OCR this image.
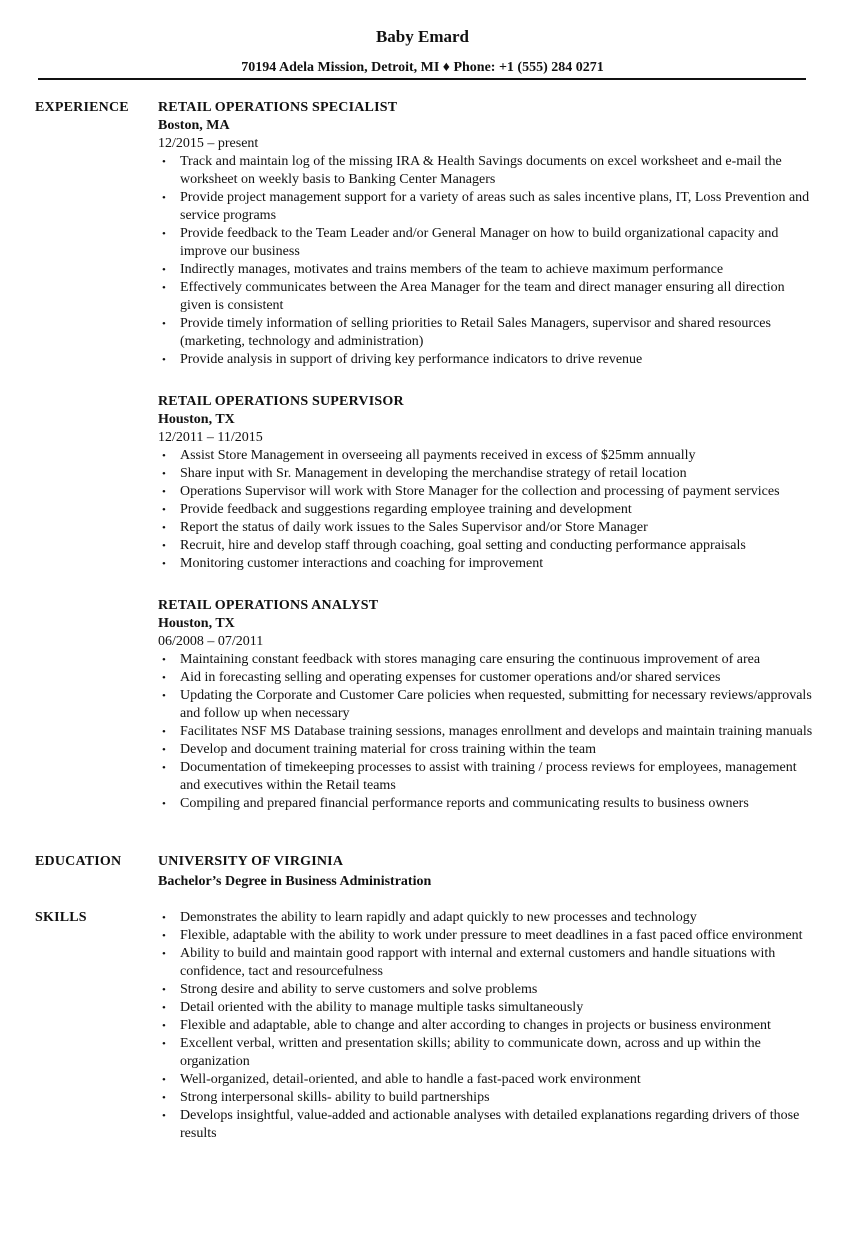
Baby Emard
70194 Adela Mission, Detroit, MI ♦ Phone: +1 (555) 284 0271
EXPERIENCE RETAIL OPERATIONS SPECIALIST
Boston, MA
12/2015 – present
•	Track and maintain log of the missing IRA & Health Savings documents on excel worksheet and e-mail the worksheet on weekly basis to Banking Center Managers
•	Provide project management support for a variety of areas such as sales incentive plans, IT, Loss Prevention and service programs
•	Provide feedback to the Team Leader and/or General Manager on how to build organizational capacity and improve our business
•	Indirectly manages, motivates and trains members of the team to achieve maximum performance
•	Effectively communicates between the Area Manager for the team and direct manager ensuring all direction given is consistent
•	Provide timely information of selling priorities to Retail Sales Managers, supervisor and shared resources (marketing, technology and administration)
•	Provide analysis in support of driving key performance indicators to drive revenue
RETAIL OPERATIONS SUPERVISOR
Houston, TX
12/2011 – 11/2015
•	Assist Store Management in overseeing all payments received in excess of $25mm annually
•	Share input with Sr. Management in developing the merchandise strategy of retail location
•	Operations Supervisor will work with Store Manager for the collection and processing of payment services
•	Provide feedback and suggestions regarding employee training and development
•	Report the status of daily work issues to the Sales Supervisor and/or Store Manager
•	Recruit, hire and develop staff through coaching, goal setting and conducting performance appraisals
•	Monitoring customer interactions and coaching for improvement
RETAIL OPERATIONS ANALYST
Houston, TX
06/2008 – 07/2011
•	Maintaining constant feedback with stores managing care ensuring the continuous improvement of area
•	Aid in forecasting selling and operating expenses for customer operations and/or shared services
•	Updating the Corporate and Customer Care policies when requested, submitting for necessary reviews/approvals and follow up when necessary
•	Facilitates NSF MS Database training sessions, manages enrollment and develops and maintain training manuals
•	Develop and document training material for cross training within the team
•	Documentation of timekeeping processes to assist with training / process reviews for employees, management and executives within the Retail teams
•	Compiling and prepared financial performance reports and communicating results to business owners
EDUCATION	UNIVERSITY OF VIRGINIA
Bachelor’s Degree in Business Administration
SKILLS	•	Demonstrates the ability to learn rapidly and adapt quickly to new processes and technology
•	Flexible, adaptable with the ability to work under pressure to meet deadlines in a fast paced office environment
•	Ability to build and maintain good rapport with internal and external customers and handle situations with confidence, tact and resourcefulness
•	Strong desire and ability to serve customers and solve problems
•	Detail oriented with the ability to manage multiple tasks simultaneously
•	Flexible and adaptable, able to change and alter according to changes in projects or business environment
•	Excellent verbal, written and presentation skills; ability to communicate down, across and up within the organization
•	Well-organized, detail-oriented, and able to handle a fast-paced work environment
•	Strong interpersonal skills- ability to build partnerships
•	Develops insightful, value-added and actionable analyses with detailed explanations regarding drivers of those results
